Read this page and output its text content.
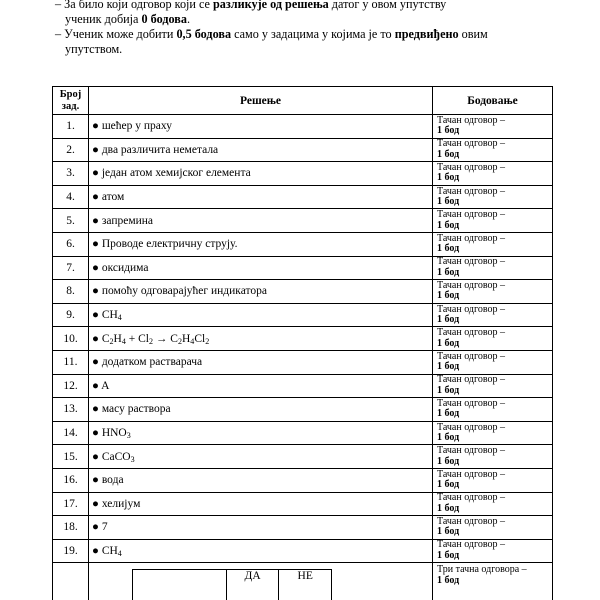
– За било који одговор који се разликује од решења датог у овом упутству
ученик добија 0 бодова.
– Ученик може добити 0,5 бодова само у задацима у којима је то предвиђено овим
упутством.
Број
зад.	Решење	Бодовање
1.	● шећер у праху	Тачан одговор –
1 бод
2.	● два различита неметала	Тачан одговор –
1 бод
3.	● један атом хемијског елемента	Тачан одговор –
1 бод
4.	● атом	Тачан одговор –
1 бод
5.	● запремина	Тачан одговор –
1 бод
6.	● Проводе електричну струју.	Тачан одговор –
1 бод
7.	● оксидима	Тачан одговор –
1 бод
8.	● помоћу одговарајућег индикатора	Тачан одговор –
1 бод
9.	● $CH_4$	Тачан одговор –
1 бод
10.	● $C_2H_4 + Cl_2 \to C_2H_4Cl_2$	Тачан одговор –
1 бод
11.	● додатком растварача	Тачан одговор –
1 бод
12.	● A	Тачан одговор –
1 бод
13.	● масу раствора	Тачан одговор –
1 бод
14.	● $HNO_3$	Тачан одговор –
1 бод
15.	● CaCO$_3$	Тачан одговор –
1 бод
16.	● вода	Тачан одговор –
1 бод
17.	● хелијум	Тачан одговор –
1 бод
18.	● 7	Тачан одговор –
1 бод
19.	● $CH_4$	Тачан одговор –
1 бод

	ДА	НЕ
	Три тачна одговора –
1 бод
